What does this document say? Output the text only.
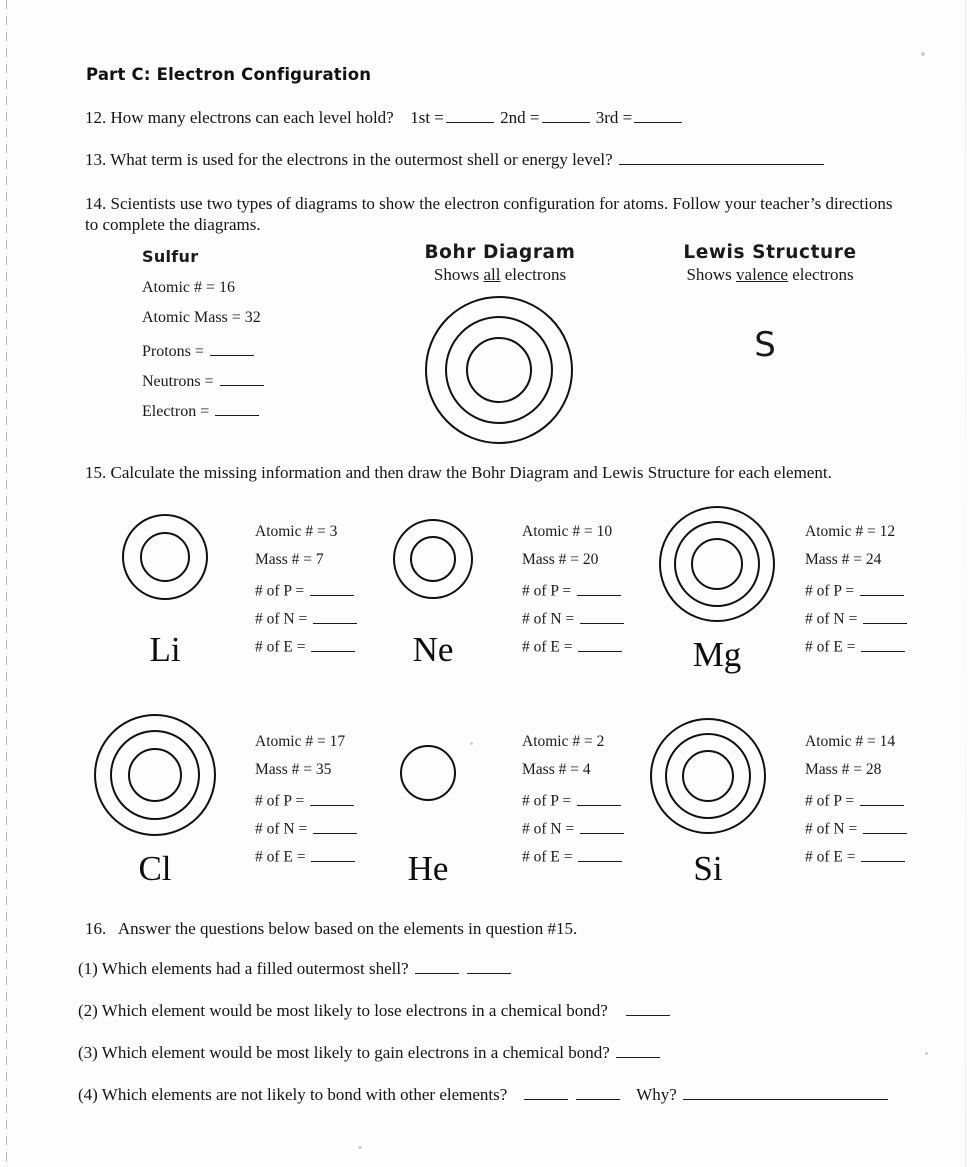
Part C: Electron Configuration
12. How many electrons can each level hold? 1st =	2nd =	3rd =
13. What term is used for the electrons in the outermost shell or energy level?
14. Scientists use two types of diagrams to show the electron configuration for atoms. Follow your teacher’s directions
to complete the diagrams.
Sulfur
Atomic # = 16
Atomic Mass = 32
Protons =
Neutrons =
Electron =
Bohr Diagram
Shows all electrons
Lewis Structure
Shows valence electrons
S
15. Calculate the missing information and then draw the Bohr Diagram and Lewis Structure for each element.
Li
Atomic # = 3
Mass # = 7
# of P =
# of N =
# of E =	Ne
Atomic # = 10
Mass # = 20
# of P =
# of N =
# of E =	Mg
Atomic # = 12
Mass # = 24
# of P =
# of N =
# of E =
Cl
Atomic # = 17
Mass # = 35
# of P =
# of N =
# of E =	He
Atomic # = 2
Mass # = 4
# of P =
# of N =
# of E =	Si
Atomic # = 14
Mass # = 28
# of P =
# of N =
# of E =
16. Answer the questions below based on the elements in question #15.
(1) Which elements had a filled outermost shell?
(2) Which element would be most likely to lose electrons in a chemical bond?
(3) Which element would be most likely to gain electrons in a chemical bond?
(4) Which elements are not likely to bond with other elements?	Why?
